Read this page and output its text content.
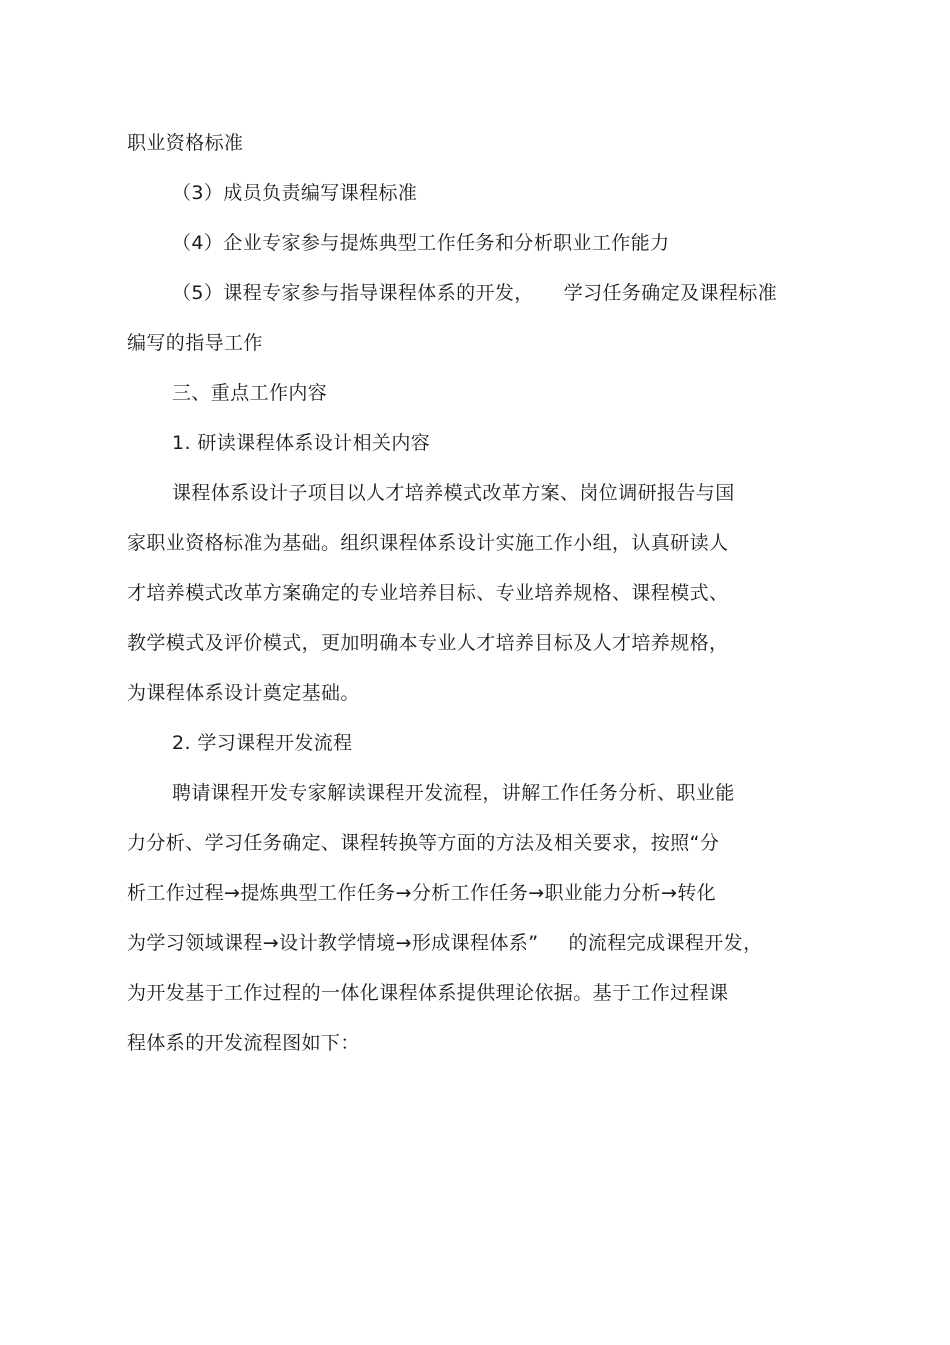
职业资格标准
（3）成员负责编写课程标准
（4）企业专家参与提炼典型工作任务和分析职业工作能力
（5）课程专家参与指导课程体系的开发， 学习任务确定及课程标准
编写的指导工作
三、重点工作内容
1. 研读课程体系设计相关内容
课程体系设计子项目以人才培养模式改革方案、岗位调研报告与国
家职业资格标准为基础。组织课程体系设计实施工作小组，认真研读人
才培养模式改革方案确定的专业培养目标、专业培养规格、课程模式、
教学模式及评价模式，更加明确本专业人才培养目标及人才培养规格，
为课程体系设计奠定基础。
2. 学习课程开发流程
聘请课程开发专家解读课程开发流程，讲解工作任务分析、职业能
力分析、学习任务确定、课程转换等方面的方法及相关要求，按照“分
析工作过程→提炼典型工作任务→分析工作任务→职业能力分析→转化
为学习领域课程→设计教学情境→形成课程体系” 的流程完成课程开发，
为开发基于工作过程的一体化课程体系提供理论依据。基于工作过程课
程体系的开发流程图如下：
